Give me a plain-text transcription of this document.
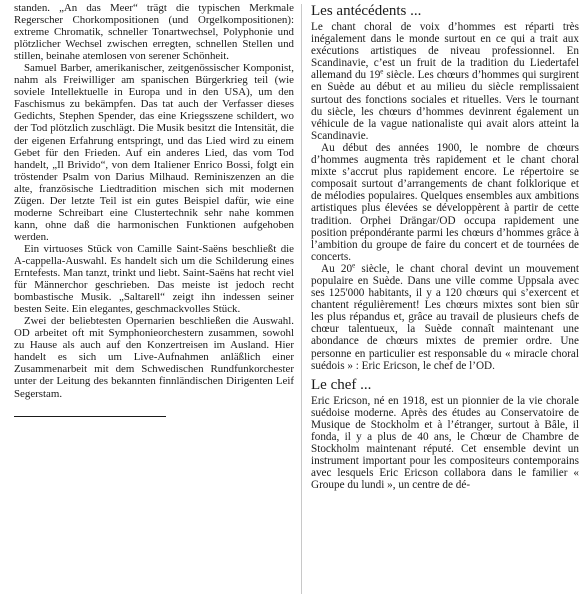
standen. „An das Meer“ trägt die typischen Merkmale Regerscher Chorkompositionen (und Orgelkompositionen): extreme Chromatik, schneller Tonartwechsel, Polyphonie und plötzlicher Wechsel zwischen erregten, schnellen Stellen und stillen, beinahe atemlosen von serener Schönheit.

Samuel Barber, amerikanischer, zeitgenössischer Komponist, nahm als Freiwilliger am spanischen Bürgerkrieg teil (wie soviele Intellektuelle in Europa und in den USA), um den Faschismus zu bekämpfen. Das tat auch der Verfasser dieses Gedichts, Stephen Spender, das eine Kriegsszene schildert, wo der Tod plötzlich zuschlägt. Die Musik besitzt die Intensität, die der eigenen Erfahrung entspringt, und das Lied wird zu einem Gebet für den Frieden. Auf ein anderes Lied, das vom Tod handelt, „Il Brivido“, von dem Italiener Enrico Bossi, folgt ein tröstender Psalm von Darius Milhaud. Reminiszenzen an die alte, französische Liedtradition mischen sich mit modernen Zügen. Der letzte Teil ist ein gutes Beispiel dafür, wie eine moderne Schreibart eine Clustertechnik sehr nahe kommen kann, ohne daß die harmonischen Funktionen aufgehoben werden.

Ein virtuoses Stück von Camille Saint-Saëns beschließt die A-cappella-Auswahl. Es handelt sich um die Schilderung eines Erntefests. Man tanzt, trinkt und liebt. Saint-Saëns hat recht viel für Männerchor geschrieben. Das meiste ist jedoch recht bombastische Musik. „Saltarell“ zeigt ihn indessen seiner besten Seite. Ein elegantes, geschmackvolles Stück.

Zwei der beliebtesten Opernarien beschließen die Auswahl. OD arbeitet oft mit Symphonieorchestern zusammen, sowohl zu Hause als auch auf den Konzertreisen im Ausland. Hier handelt es sich um Live-Aufnahmen anläßlich einer Zusammenarbeit mit dem Schwedischen Rundfunkorchester unter der Leitung des bekannten finnländischen Dirigenten Leif Segerstam.

Les antécédents ...

Le chant choral de voix d’hommes est réparti très inégalement dans le monde surtout en ce qui a trait aux exécutions artistiques de niveau professionnel. En Scandinavie, c’est un fruit de la tradition du Liedertafel allemand du 19e siècle. Les chœurs d’hommes qui surgirent en Suède au début et au milieu du siècle remplissaient surtout des fonctions sociales et rituelles. Vers le tournant du siècle, les chœurs d’hommes devinrent également un véhicule de la vague nationaliste qui avait alors atteint la Scandinavie.

Au début des années 1900, le nombre de chœurs d’hommes augmenta très rapidement et le chant choral mixte s’accrut plus rapidement encore. Le répertoire se composait surtout d’arrangements de chant folklorique et de mélodies populaires. Quelques ensembles aux ambitions artistiques plus élevées se développèrent à partir de cette tradition. Orphei Drängar/OD occupa rapidement une position prépondérante parmi les chœurs d’hommes grâce à l’ambition du groupe de faire du concert et de tournées de concerts.

Au 20e siècle, le chant choral devint un mouvement populaire en Suède. Dans une ville comme Uppsala avec ses 125'000 habitants, il y a 120 chœurs qui s’exercent et chantent régulièrement! Les chœurs mixtes sont bien sûr les plus répandus et, grâce au travail de plusieurs chefs de chœur talentueux, la Suède connaît maintenant une abondance de chœurs mixtes de premier ordre. Une personne en particulier est responsable du « miracle choral suédois » : Eric Ericson, le chef de l’OD.

Le chef ...

Eric Ericson, né en 1918, est un pionnier de la vie chorale suédoise moderne. Après des études au Conservatoire de Musique de Stockholm et à l’étranger, surtout à Bâle, il fonda, il y a plus de 40 ans, le Chœur de Chambre de Stockholm maintenant réputé. Cet ensemble devint un instrument important pour les compositeurs contemporains avec lesquels Eric Ericson collabora dans le familier « Groupe du lundi », un centre de dé-
